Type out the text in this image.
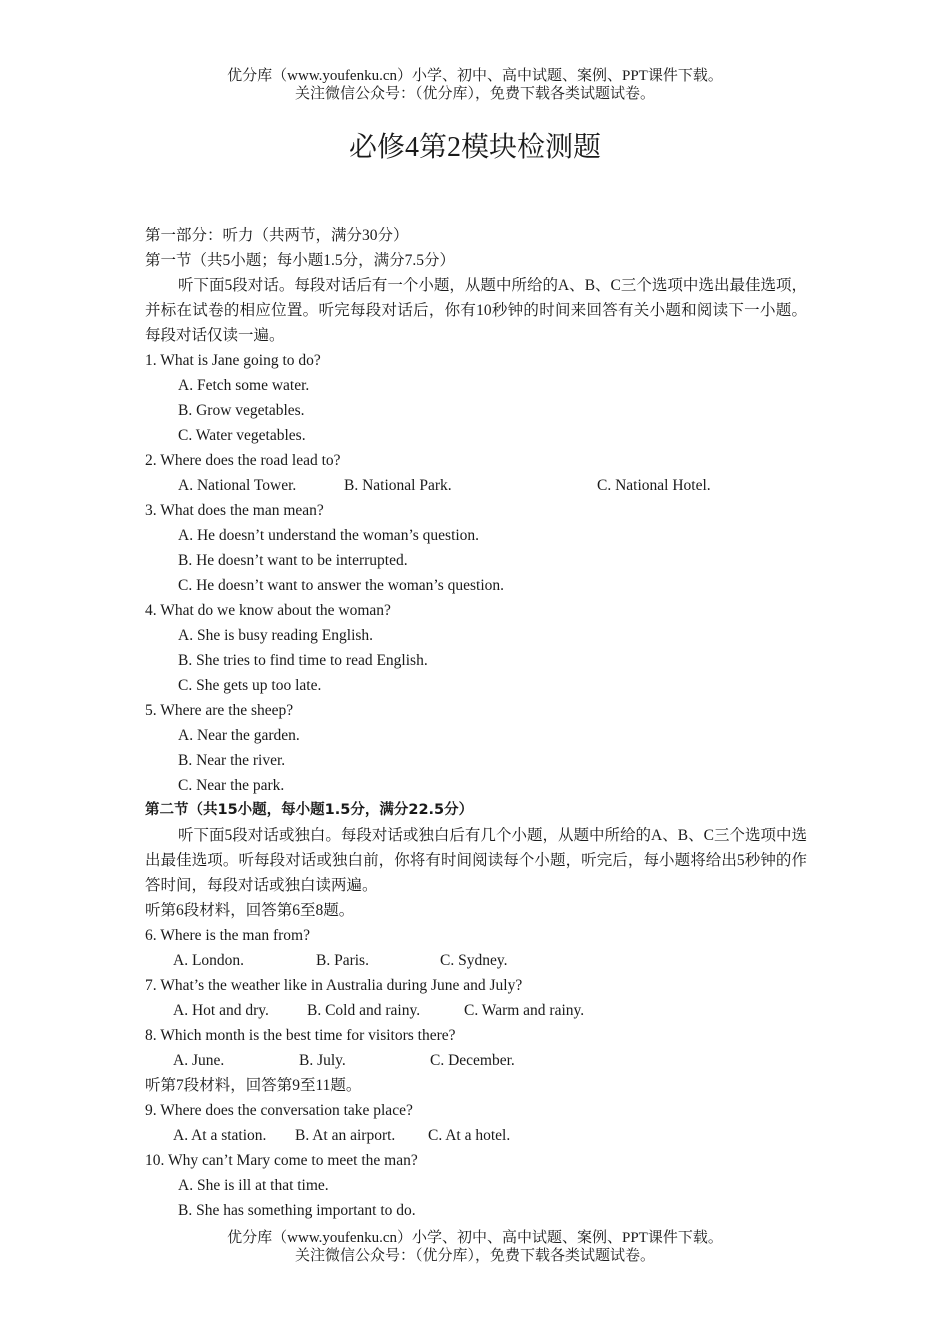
优分库（www.youfenku.cn）小学、初中、高中试题、案例、PPT课件下载。
关注微信公众号：（优分库），免费下载各类试题试卷。
必修4第2模块检测题
第一部分：听力（共两节，满分30分）
第一节（共5小题；每小题1.5分，满分7.5分）
听下面5段对话。每段对话后有一个小题，从题中所给的A、B、C三个选项中选出最佳选项，并标在试卷的相应位置。听完每段对话后，你有10秒钟的时间来回答有关小题和阅读下一小题。每段对话仅读一遍。
1. What is Jane going to do?
A. Fetch some water.
B. Grow vegetables.
C. Water vegetables.
2. Where does the road lead to?
A. National Tower.	B. National Park.	C. National Hotel.
3. What does the man mean?
A. He doesn’t understand the woman’s question.
B. He doesn’t want to be interrupted.
C. He doesn’t want to answer the woman’s question.
4. What do we know about the woman?
A. She is busy reading English.
B. She tries to find time to read English.
C. She gets up too late.
5. Where are the sheep?
A. Near the garden.
B. Near the river.
C. Near the park.
第二节（共15小题，每小题1.5分，满分22.5分）
听下面5段对话或独白。每段对话或独白后有几个小题，从题中所给的A、B、C三个选项中选出最佳选项。听每段对话或独白前，你将有时间阅读每个小题，听完后，每小题将给出5秒钟的作答时间，每段对话或独白读两遍。
听第6段材料，回答第6至8题。
6. Where is the man from?
A. London.	B. Paris.	C. Sydney.
7. What’s the weather like in Australia during June and July?
A. Hot and dry. B. Cold and rainy.	C. Warm and rainy.
8. Which month is the best time for visitors there?
A. June.	B. July.	C. December.
听第7段材料，回答第9至11题。
9. Where does the conversation take place?
A. At a station. B. At an airport. C. At a hotel.
10. Why can’t Mary come to meet the man?
A. She is ill at that time.
B. She has something important to do.
优分库（www.youfenku.cn）小学、初中、高中试题、案例、PPT课件下载。
关注微信公众号：（优分库），免费下载各类试题试卷。
